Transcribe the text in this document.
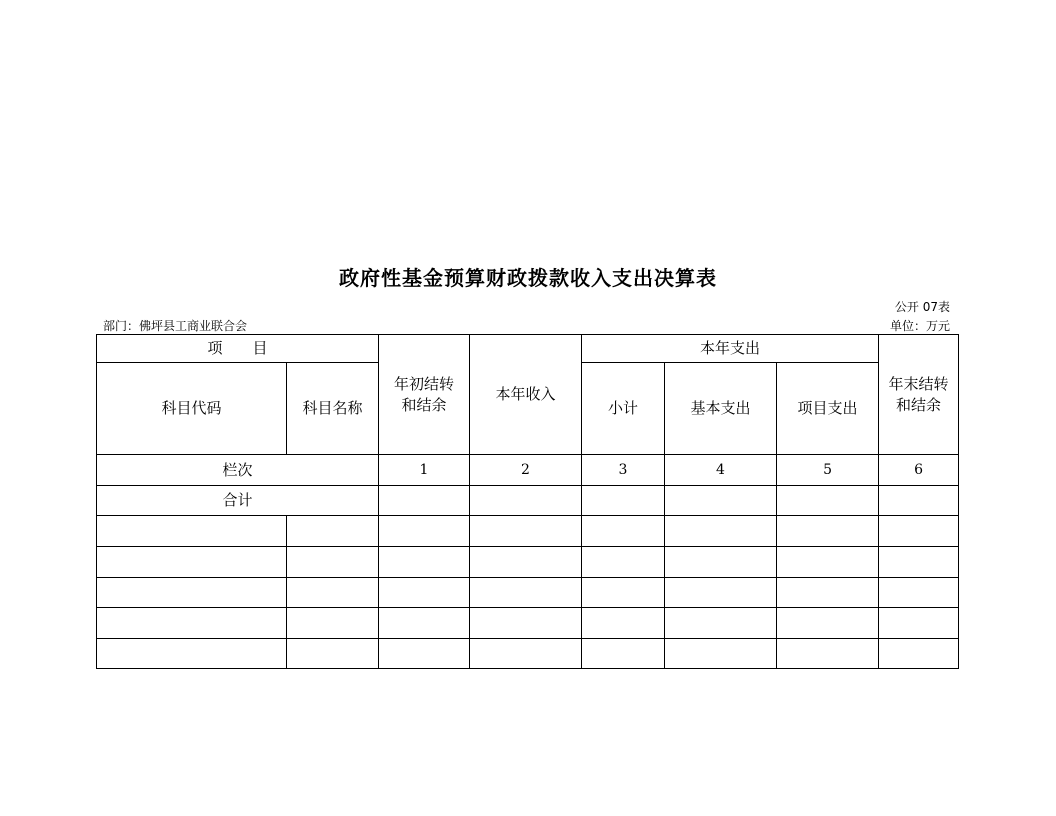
政府性基金预算财政拨款收入支出决算表
公开 07表
部门：佛坪县工商业联合会	单位：万元
项　　目		年初结转和结余	本年收入	本年支出			年末结转和结余
科目代码	科目名称			小计	基本支出	项目支出	
栏次		1	2	3	4	5	6
合计							
